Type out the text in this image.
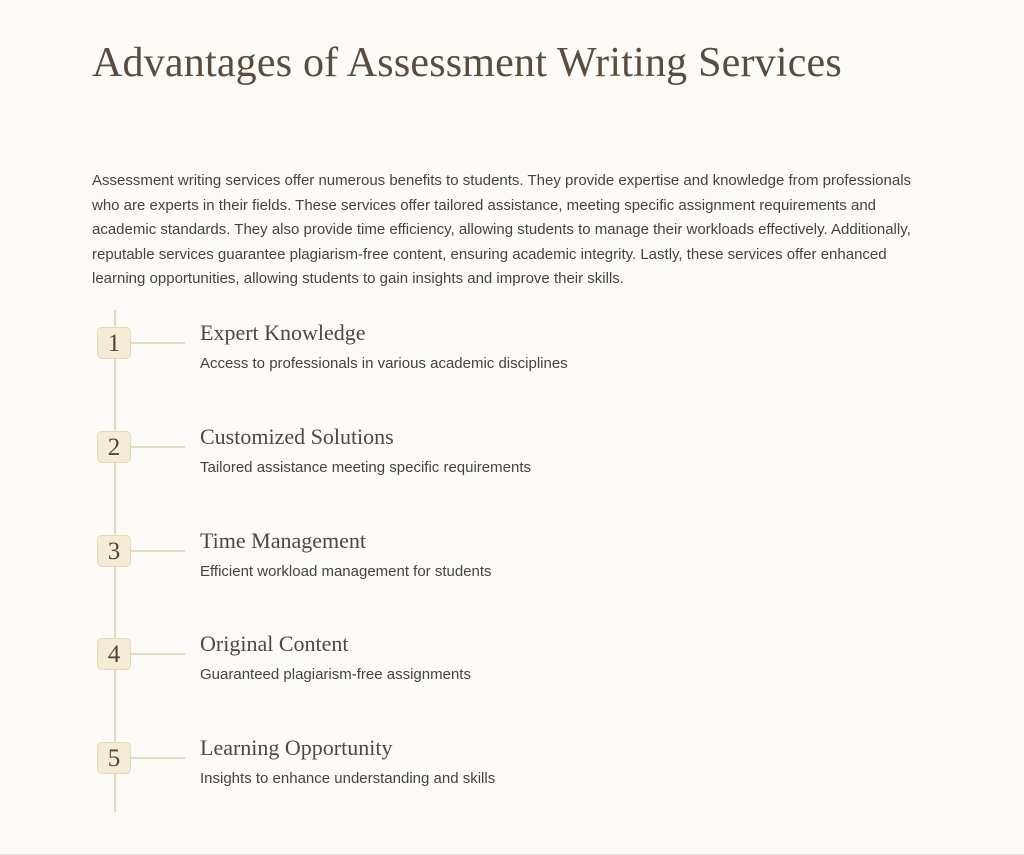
Advantages of Assessment Writing Services

Assessment writing services offer numerous benefits to students. They provide expertise and knowledge from professionals who are experts in their fields. These services offer tailored assistance, meeting specific assignment requirements and academic standards. They also provide time efficiency, allowing students to manage their workloads effectively. Additionally, reputable services guarantee plagiarism-free content, ensuring academic integrity. Lastly, these services offer enhanced learning opportunities, allowing students to gain insights and improve their skills.

1	Expert Knowledge

Access to professionals in various academic disciplines

2	Customized Solutions

Tailored assistance meeting specific requirements

3	Time Management

Efficient workload management for students

4	Original Content

Guaranteed plagiarism-free assignments

5	Learning Opportunity

Insights to enhance understanding and skills
